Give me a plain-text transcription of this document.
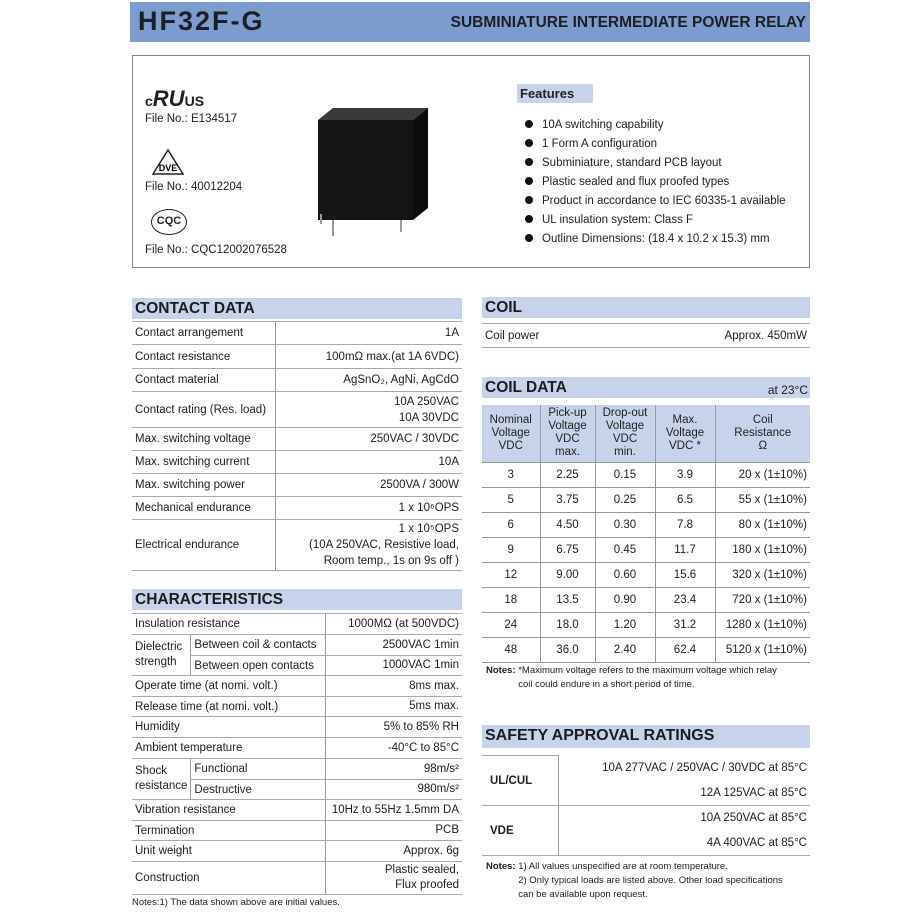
HF32F-G	SUBMINIATURE INTERMEDIATE POWER RELAY
cRUUS
File No.: E134517
DVE
File No.: 40012204
CQC
File No.: CQC12002076528
Features
10A switching capability
1 Form A configuration
Subminiature, standard PCB layout
Plastic sealed and flux proofed types
Product in accordance to IEC 60335-1 available
UL insulation system: Class F
Outline Dimensions: (18.4 x 10.2 x 15.3) mm
CONTACT DATA
Contact arrangement	1A
Contact resistance	100mΩ max.(at 1A 6VDC)
Contact material	AgSnO₂, AgNi, AgCdO
Contact rating (Res. load)	10A 250VAC
10A 30VDC
Max. switching voltage	250VAC / 30VDC
Max. switching current	10A
Max. switching power	2500VA / 300W
Mechanical endurance	1 x 10⁶OPS
Electrical endurance	1 x 10⁵OPS
(10A 250VAC, Resistive load,
Room temp., 1s on 9s off )
CHARACTERISTICS
Insulation resistance		1000MΩ (at 500VDC)
Dielectric strength	Between coil & contacts	2500VAC 1min
	Between open contacts	1000VAC 1min
Operate time (at nomi. volt.)		8ms max.
Release time (at nomi. volt.)		5ms max.
Humidity		5% to 85% RH
Ambient temperature		-40°C to 85°C
Shock resistance	Functional	98m/s²
	Destructive	980m/s²
Vibration resistance		10Hz to 55Hz 1.5mm DA
Termination		PCB
Unit weight		Approx. 6g
Construction		Plastic sealed,
Flux proofed
Notes:1) The data shown above are initial values.
COIL
Coil power	Approx. 450mW
COIL DATA	at 23°C
Nominal
Voltage
VDC	Pick-up
Voltage
VDC
max.	Drop-out
Voltage
VDC
min.	Max.
Voltage
VDC *	Coil
Resistance
Ω
3	2.25	0.15	3.9	20 x (1±10%)
5	3.75	0.25	6.5	55 x (1±10%)
6	4.50	0.30	7.8	80 x (1±10%)
9	6.75	0.45	11.7	180 x (1±10%)
12	9.00	0.60	15.6	320 x (1±10%)
18	13.5	0.90	23.4	720 x (1±10%)
24	18.0	1.20	31.2	1280 x (1±10%)
48	36.0	2.40	62.4	5120 x (1±10%)
Notes: *Maximum voltage refers to the maximum voltage which relay
coil could endure in a short period of time.
SAFETY APPROVAL RATINGS
UL/CUL	10A 277VAC / 250VAC / 30VDC at 85°C
	12A 125VAC at 85°C
VDE	10A 250VAC at 85°C
	4A 400VAC at 85°C
Notes: 1) All values unspecified are at room temperature.
2) Only typical loads are listed above. Other load specifications
can be available upon request.
